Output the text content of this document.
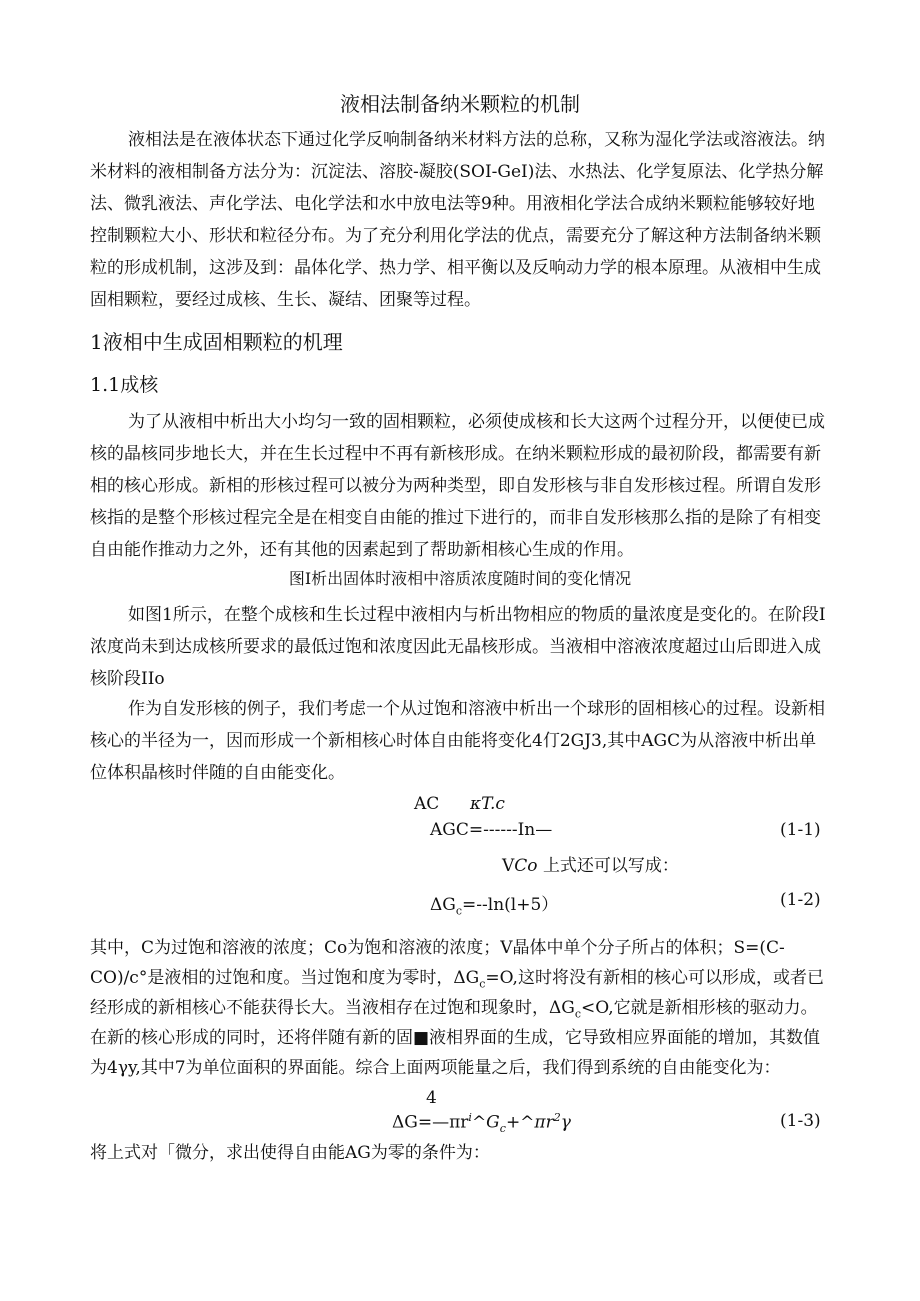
液相法制备纳米颗粒的机制
液相法是在液体状态下通过化学反响制备纳米材料方法的总称，又称为湿化学法或溶液法。纳
米材料的液相制备方法分为：沉淀法、溶胶-凝胶(SOI-GeI)法、水热法、化学复原法、化学热分解
法、微乳液法、声化学法、电化学法和水中放电法等9种。用液相化学法合成纳米颗粒能够较好地
控制颗粒大小、形状和粒径分布。为了充分利用化学法的优点，需要充分了解这种方法制备纳米颗
粒的形成机制，这涉及到：晶体化学、热力学、相平衡以及反响动力学的根本原理。从液相中生成
固相颗粒，要经过成核、生长、凝结、团聚等过程。
1液相中生成固相颗粒的机理
1.1成核
为了从液相中析出大小均匀一致的固相颗粒，必须使成核和长大这两个过程分开，以便使已成
核的晶核同步地长大，并在生长过程中不再有新核形成。在纳米颗粒形成的最初阶段，都需要有新
相的核心形成。新相的形核过程可以被分为两种类型，即自发形核与非自发形核过程。所谓自发形
核指的是整个形核过程完全是在相变自由能的推过下进行的，而非自发形核那么指的是除了有相变
自由能作推动力之外，还有其他的因素起到了帮助新相核心生成的作用。
图I析出固体时液相中溶质浓度随时间的变化情况
如图1所示，在整个成核和生长过程中液相内与析出物相应的物质的量浓度是变化的。在阶段I
浓度尚未到达成核所要求的最低过饱和浓度因此无晶核形成。当液相中溶液浓度超过山后即进入成
核阶段IIo
作为自发形核的例子，我们考虑一个从过饱和溶液中析出一个球形的固相核心的过程。设新相
核心的半径为一，因而形成一个新相核心时体自由能将变化4仃2GJ3,其中AGC为从溶液中析出单
位体积晶核时伴随的自由能变化。
AC κT.c
AGC=------In—	(1-1)
VCo 上式还可以写成：
$\Delta G_c=--\ln(l+5)$	(1-2)
其中，C为过饱和溶液的浓度；Co为饱和溶液的浓度；V晶体中单个分子所占的体积；S=(C-
CO)∕c°是液相的过饱和度。当过饱和度为零时，$\Delta G_c=O$,这时将没有新相的核心可以形成，或者已
经形成的新相核心不能获得长大。当液相存在过饱和现象时，$\Delta G_c<O$,它就是新相形核的驱动力。
在新的核心形成的同时，还将伴随有新的固■液相界面的生成，它导致相应界面能的增加，其数值
为4γy,其中7为单位面积的界面能。综合上面两项能量之后，我们得到系统的自由能变化为：
4
$\Delta G=—\pi r^i\^{}G_c+\^{}\pi r^2\gamma$	(1-3)
将上式对「微分，求出使得自由能AG为零的条件为：
